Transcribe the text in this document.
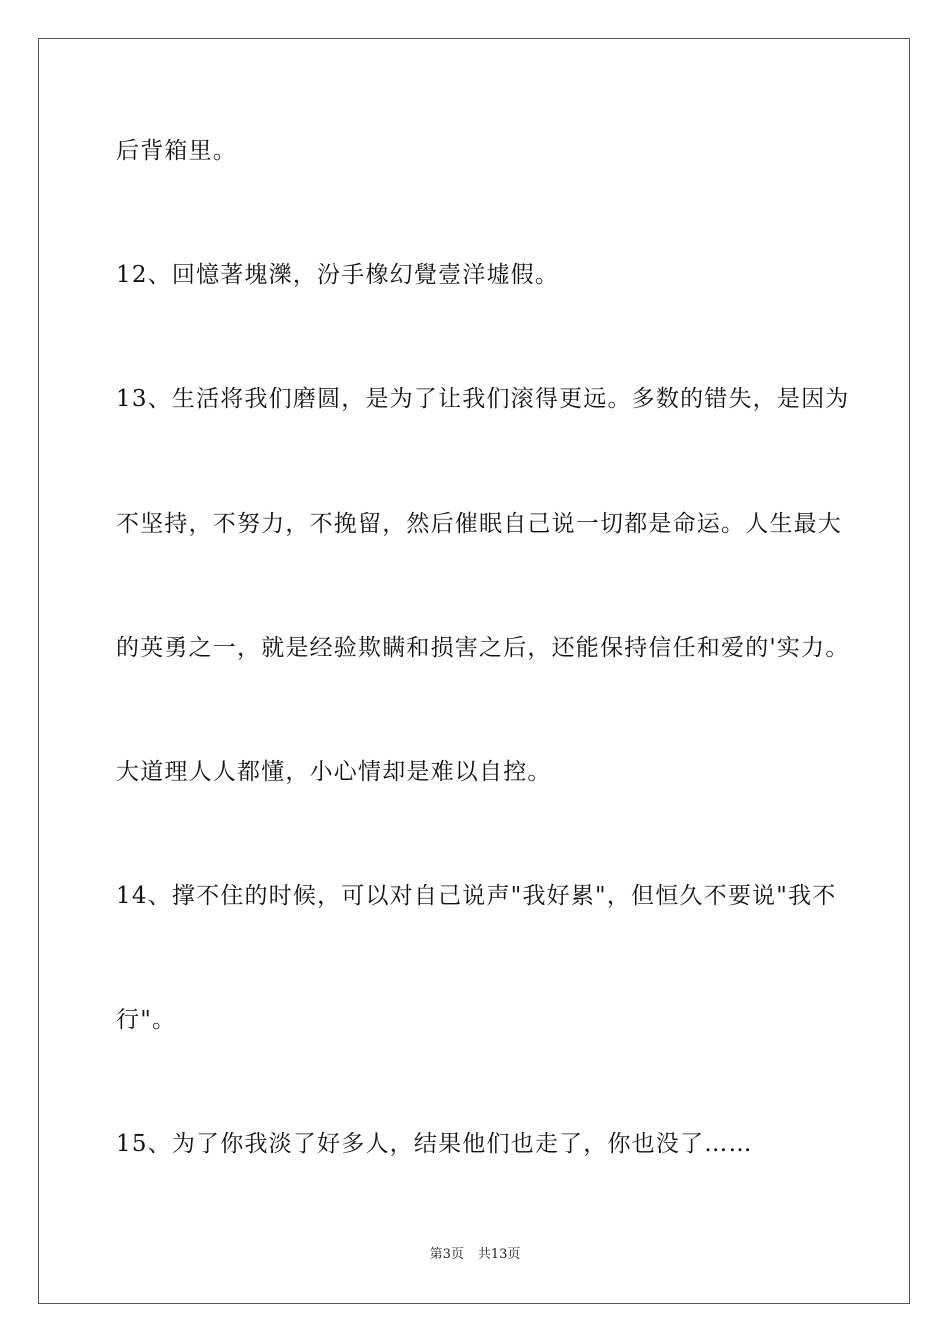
后背箱里。
12、回憶著塊濼，汾手橡幻覺壹洋墟假。
13、生活将我们磨圆，是为了让我们滚得更远。多数的错失，是因为
不坚持，不努力，不挽留，然后催眠自己说一切都是命运。人生最大
的英勇之一，就是经验欺瞒和损害之后，还能保持信任和爱的'实力。
大道理人人都懂，小心情却是难以自控。
14、撑不住的时候，可以对自己说声"我好累"，但恒久不要说"我不
行"。
15、为了你我淡了好多人，结果他们也走了，你也没了……
第3页 共13页
